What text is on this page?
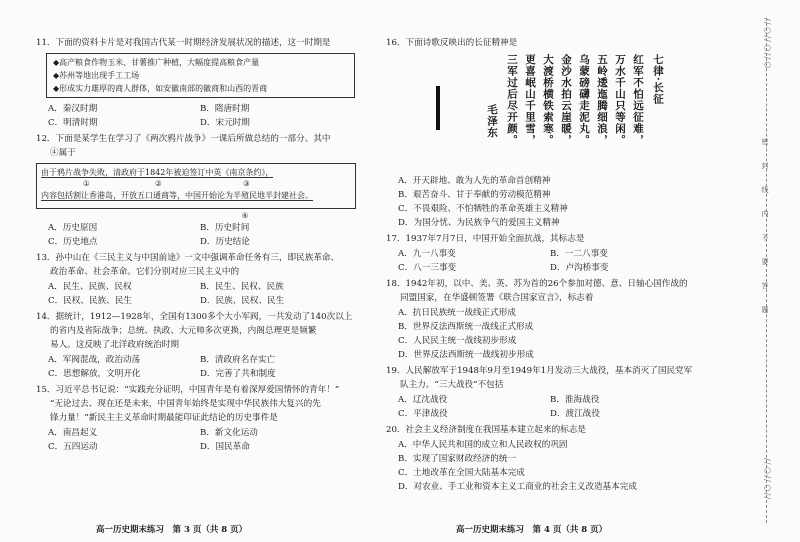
11．下面的资料卡片是对我国古代某一时期经济发展状况的描述，这一时期是

◆高产粮食作物玉米、甘薯推广种植，大幅度提高粮食产量
◆苏州等地出现手工工场
◆形成实力雄厚的商人群体，如安徽南部的徽商和山西的晋商
A．秦汉时期	B．隋唐时期
C．明清时期	D．宋元时期

12．下面是某学生在学习了《两次鸦片战争》一课后所做总结的一部分。其中

④属于

由于鸦片战争失败，清政府于1842年被迫签订中英《南京条约》，
①	②	③
内容包括割让香港岛，开放五口通商等，中国开始沦为半殖民地半封建社会。
④
A．历史原因	B．历史时间
C．历史地点	D．历史结论

13．孙中山在《三民主义与中国前途》一文中强调革命任务有三，即民族革命、

政治革命、社会革命。它们分别对应三民主义中的

A．民生、民族、民权	B．民生、民权、民族
C．民权、民族、民生	D．民族、民权、民生

14．据统计，1912—1928年，全国有1300多个大小军阀，一共发动了140次以上

的省内及省际战争；总统、执政、大元帅多次更换，内阁总理更是频繁

易人。这反映了北洋政府统治时期

A．军阀混战，政治动荡	B．清政府名存实亡
C．思想解放，文明开化	D．完善了共和制度

15．习近平总书记说：“实践充分证明，中国青年是有着深厚爱国情怀的青年！”

“无论过去、现在还是未来，中国青年始终是实现中华民族伟大复兴的先

锋力量！”新民主主义革命时期最能印证此结论的历史事件是

A．南昌起义	B．新文化运动
C．五四运动	D．国民革命
高一历史期末练习　第 3 页（共 8 页）

16．下面诗歌反映出的长征精神是

七律·长征
红军不怕远征难，
万水千山只等闲。
五岭逶迤腾细浪，
乌蒙磅礴走泥丸。
金沙水拍云崖暖，
大渡桥横铁索寒。
更喜岷山千里雪，
三军过后尽开颜。
毛泽东
A．开天辟地、敢为人先的革命首创精神
B．艰苦奋斗、甘于奉献的劳动模范精神
C．不畏艰险、不怕牺牲的革命英雄主义精神
D．为国分忧、为民族争气的爱国主义精神

17．1937年7月7日，中国开始全面抗战，其标志是

A．九一八事变	B．一二八事变
C．八一三事变	D．卢沟桥事变

18．1942年初，以中、美、英、苏为首的26个参加对德、意、日轴心国作战的

同盟国家，在华盛顿签署《联合国家宣言》，标志着

A．抗日民族统一战线正式形成
B．世界反法西斯统一战线正式形成
C．人民民主统一战线初步形成
D．世界反法西斯统一战线初步形成

19．人民解放军于1948年9月至1949年1月发动三大战役，基本消灭了国民党军

队主力。“三大战役”不包括

A．辽沈战役	B．淮海战役
C．平津战役	D．渡江战役

20．社会主义经济制度在我国基本建立起来的标志是

A．中华人民共和国的成立和人民政权的巩固
B．实现了国家财政经济的统一
C．土地改革在全国大陆基本完成
D．对农业、手工业和资本主义工商业的社会主义改造基本完成
高一历史期末练习　第 4 页（共 8 页）
//○//○//○
密　封　线　内　不　要　答　题
//○//○//
